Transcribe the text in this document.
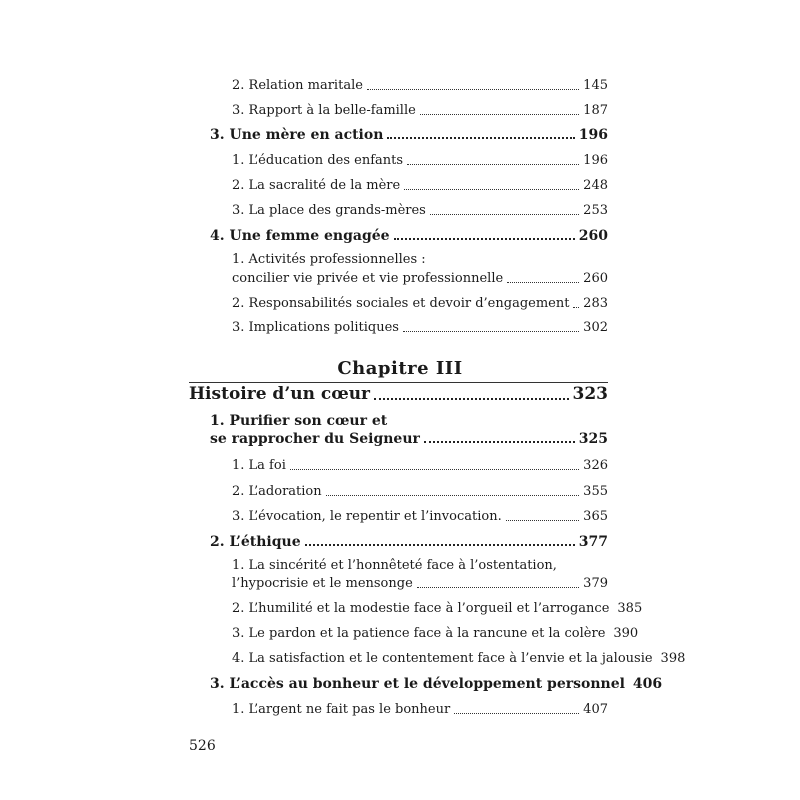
2. Relation maritale	145
3. Rapport à la belle-famille	187
3. Une mère en action	196
1. L’éducation des enfants	196
2. La sacralité de la mère	248
3. La place des grands-mères	253
4. Une femme engagée	260
1. Activités professionnelles :
concilier vie privée et vie professionnelle	260
2. Responsabilités sociales et devoir d’engagement 283
3. Implications politiques	302
Chapitre III
Histoire d’un cœur	323
1. Purifier son cœur et
se rapprocher du Seigneur	325
1. La foi	326
2. L’adoration	355
3. L’évocation, le repentir et l’invocation.	365
2. L’éthique	377
1. La sincérité et l’honnêteté face à l’ostentation,
l’hypocrisie et le mensonge	379
2. L’humilité et la modestie face à l’orgueil et l’arrogance 385
3. Le pardon et la patience face à la rancune et la colère 390
4. La satisfaction et le contentement face à l’envie et la jalousie 398
3. L’accès au bonheur et le développement personnel 406
1. L’argent ne fait pas le bonheur	407
526
